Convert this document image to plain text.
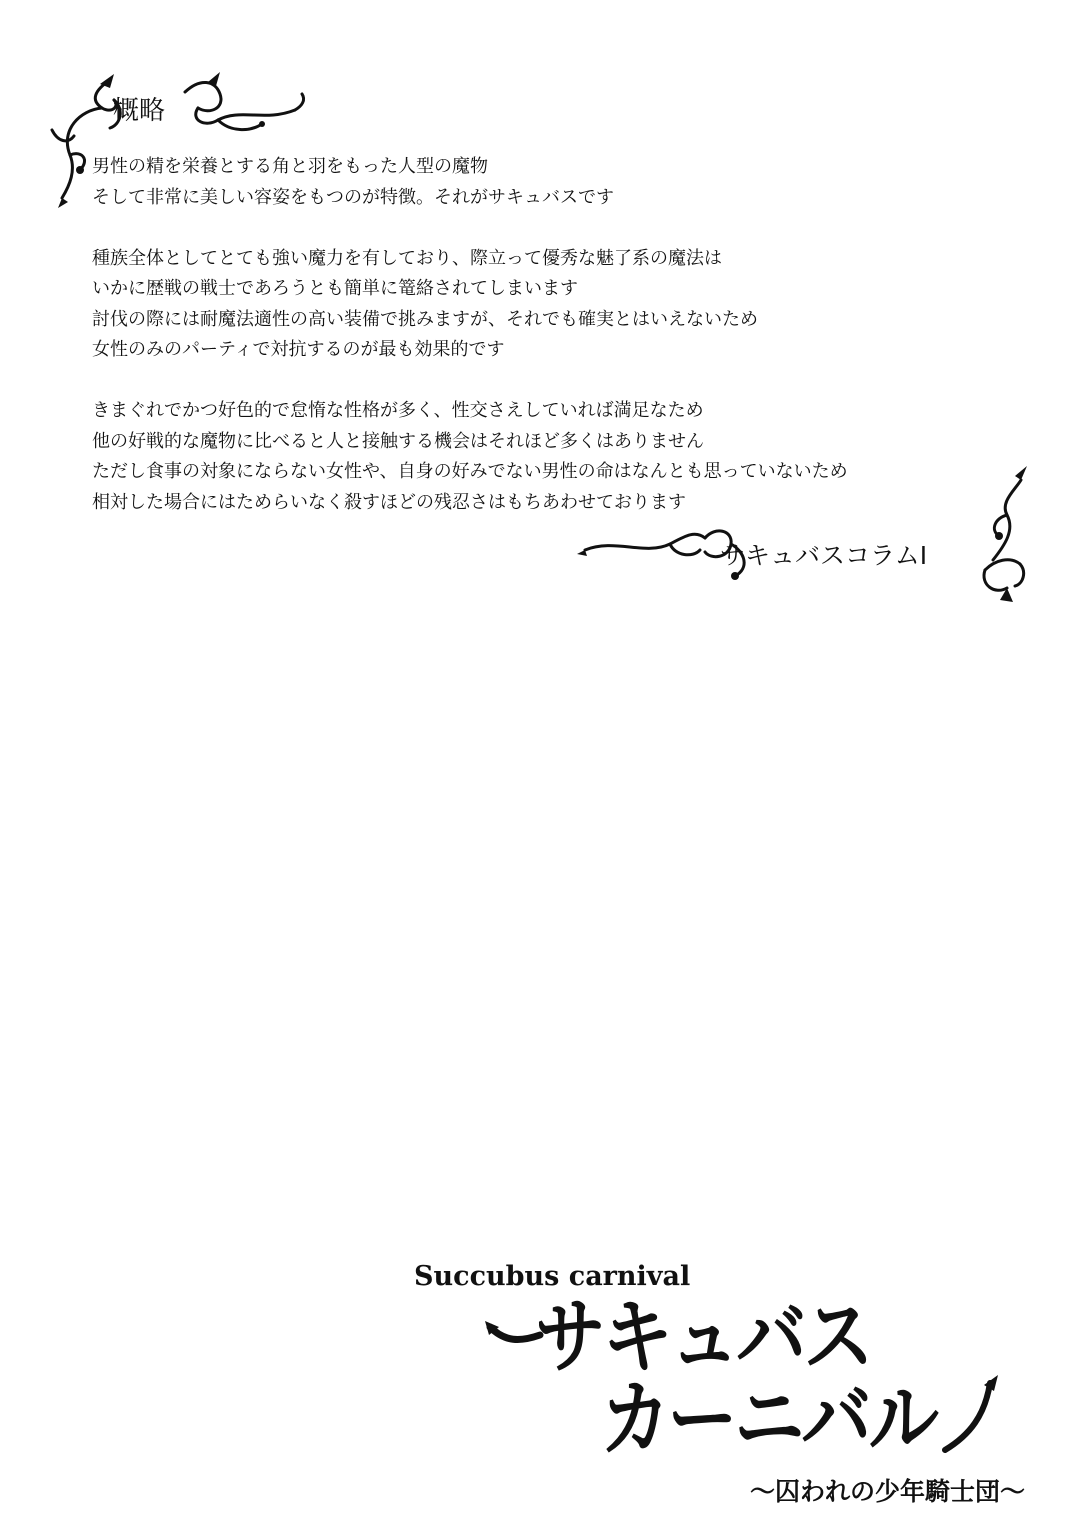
概略

男性の精を栄養とする角と羽をもった人型の魔物
そして非常に美しい容姿をもつのが特徴。それがサキュバスです

種族全体としてとても強い魔力を有しており、際立って優秀な魅了系の魔法は
いかに歴戦の戦士であろうとも簡単に篭絡されてしまいます
討伐の際には耐魔法適性の高い装備で挑みますが、それでも確実とはいえないため
女性のみのパーティで対抗するのが最も効果的です

きまぐれでかつ好色的で怠惰な性格が多く、性交さえしていれば満足なため
他の好戦的な魔物に比べると人と接触する機会はそれほど多くはありません
ただし食事の対象にならない女性や、自身の好みでない男性の命はなんとも思っていないため
相対した場合にはためらいなく殺すほどの残忍さはもちあわせております

サキュバスコラムⅠ
Succubus carnival
サキュバス
カーニバル
〜囚われの少年騎士団〜
